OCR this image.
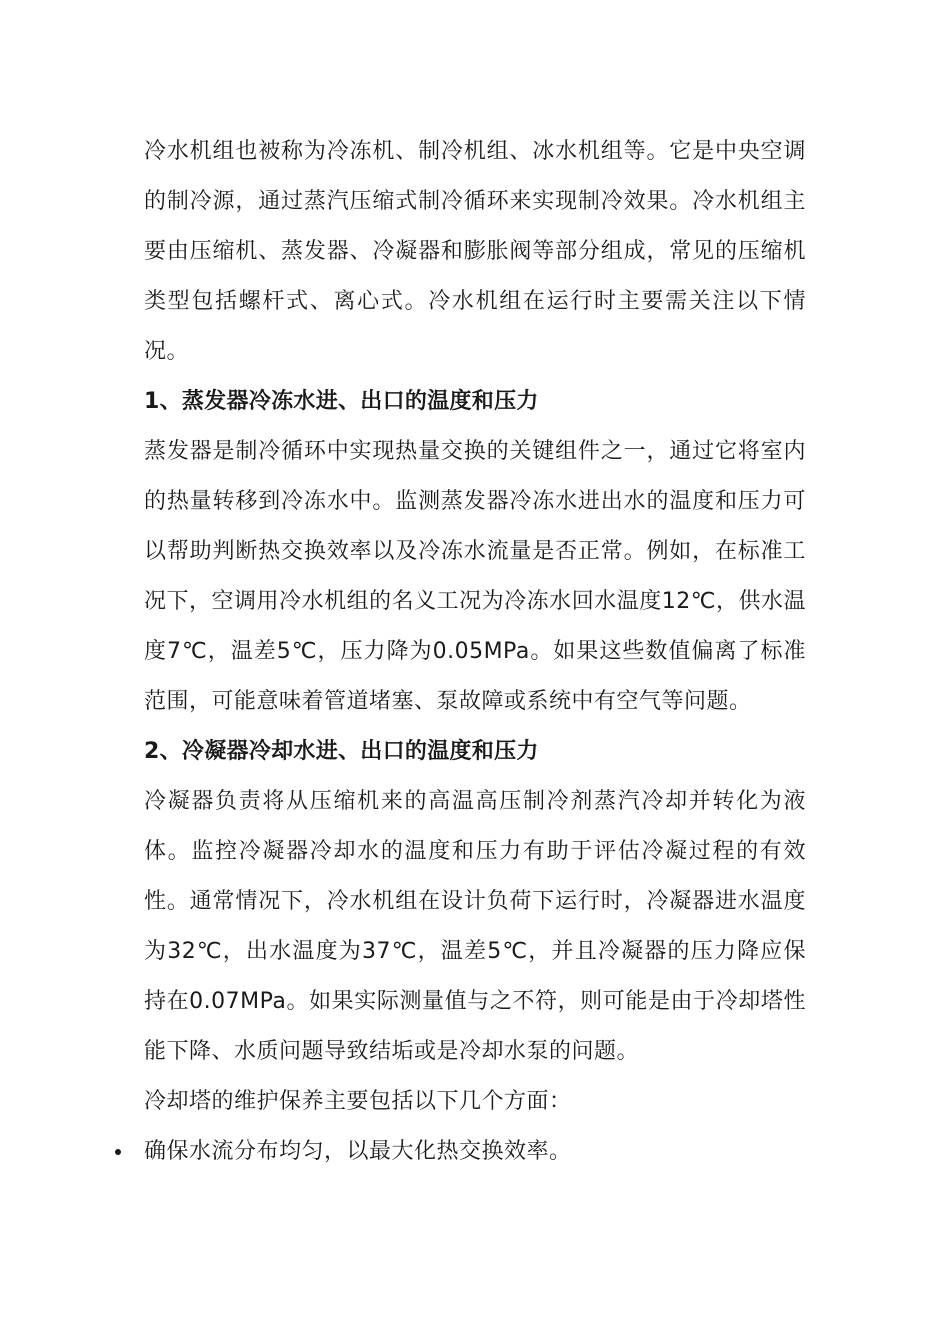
冷水机组也被称为冷冻机、制冷机组、冰水机组等。它是中央空调的制冷源，通过蒸汽压缩式制冷循环来实现制冷效果。冷水机组主要由压缩机、蒸发器、冷凝器和膨胀阀等部分组成，常见的压缩机类型包括螺杆式、离心式。冷水机组在运行时主要需关注以下情况。

1、蒸发器冷冻水进、出口的温度和压力

蒸发器是制冷循环中实现热量交换的关键组件之一，通过它将室内的热量转移到冷冻水中。监测蒸发器冷冻水进出水的温度和压力可以帮助判断热交换效率以及冷冻水流量是否正常。例如，在标准工况下，空调用冷水机组的名义工况为冷冻水回水温度12℃，供水温度7℃，温差5℃，压力降为0.05MPa。如果这些数值偏离了标准范围，可能意味着管道堵塞、泵故障或系统中有空气等问题。

2、冷凝器冷却水进、出口的温度和压力

冷凝器负责将从压缩机来的高温高压制冷剂蒸汽冷却并转化为液体。监控冷凝器冷却水的温度和压力有助于评估冷凝过程的有效性。通常情况下，冷水机组在设计负荷下运行时，冷凝器进水温度为32℃，出水温度为37℃，温差5℃，并且冷凝器的压力降应保持在0.07MPa。如果实际测量值与之不符，则可能是由于冷却塔性能下降、水质问题导致结垢或是冷却水泵的问题。

冷却塔的维护保养主要包括以下几个方面：

确保水流分布均匀，以最大化热交换效率。
